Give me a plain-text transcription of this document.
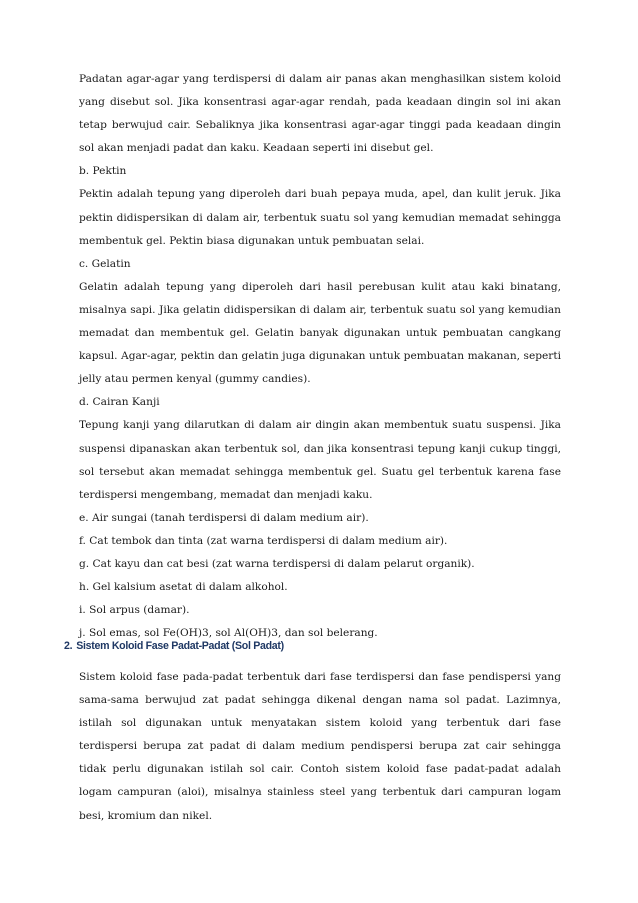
Padatan agar-agar yang terdispersi di dalam air panas akan menghasilkan sistem koloid yang disebut sol. Jika konsentrasi agar-agar rendah, pada keadaan dingin sol ini akan tetap berwujud cair. Sebaliknya jika konsentrasi agar-agar tinggi pada keadaan dingin sol akan menjadi padat dan kaku. Keadaan seperti ini disebut gel.

b. Pektin

Pektin adalah tepung yang diperoleh dari buah pepaya muda, apel, dan kulit jeruk. Jika pektin didispersikan di dalam air, terbentuk suatu sol yang kemudian memadat sehingga membentuk gel. Pektin biasa digunakan untuk pembuatan selai.

c. Gelatin

Gelatin adalah tepung yang diperoleh dari hasil perebusan kulit atau kaki binatang, misalnya sapi. Jika gelatin didispersikan di dalam air, terbentuk suatu sol yang kemudian memadat dan membentuk gel. Gelatin banyak digunakan untuk pembuatan cangkang kapsul. Agar-agar, pektin dan gelatin juga digunakan untuk pembuatan makanan, seperti jelly atau permen kenyal (gummy candies).

d. Cairan Kanji

Tepung kanji yang dilarutkan di dalam air dingin akan membentuk suatu suspensi. Jika suspensi dipanaskan akan terbentuk sol, dan jika konsentrasi tepung kanji cukup tinggi, sol tersebut akan memadat sehingga membentuk gel. Suatu gel terbentuk karena fase terdispersi mengembang, memadat dan menjadi kaku.

e. Air sungai (tanah terdispersi di dalam medium air).

f. Cat tembok dan tinta (zat warna terdispersi di dalam medium air).

g. Cat kayu dan cat besi (zat warna terdispersi di dalam pelarut organik).

h. Gel kalsium asetat di dalam alkohol.

i. Sol arpus (damar).

j. Sol emas, sol Fe(OH)3, sol Al(OH)3, dan sol belerang.

2. Sistem Koloid Fase Padat-Padat (Sol Padat)

Sistem koloid fase pada-padat terbentuk dari fase terdispersi dan fase pendispersi yang sama-sama berwujud zat padat sehingga dikenal dengan nama sol padat. Lazimnya, istilah sol digunakan untuk menyatakan sistem koloid yang terbentuk dari fase terdispersi berupa zat padat di dalam medium pendispersi berupa zat cair sehingga tidak perlu digunakan istilah sol cair. Contoh sistem koloid fase padat-padat adalah logam campuran (aloi), misalnya stainless steel yang terbentuk dari campuran logam besi, kromium dan nikel.
